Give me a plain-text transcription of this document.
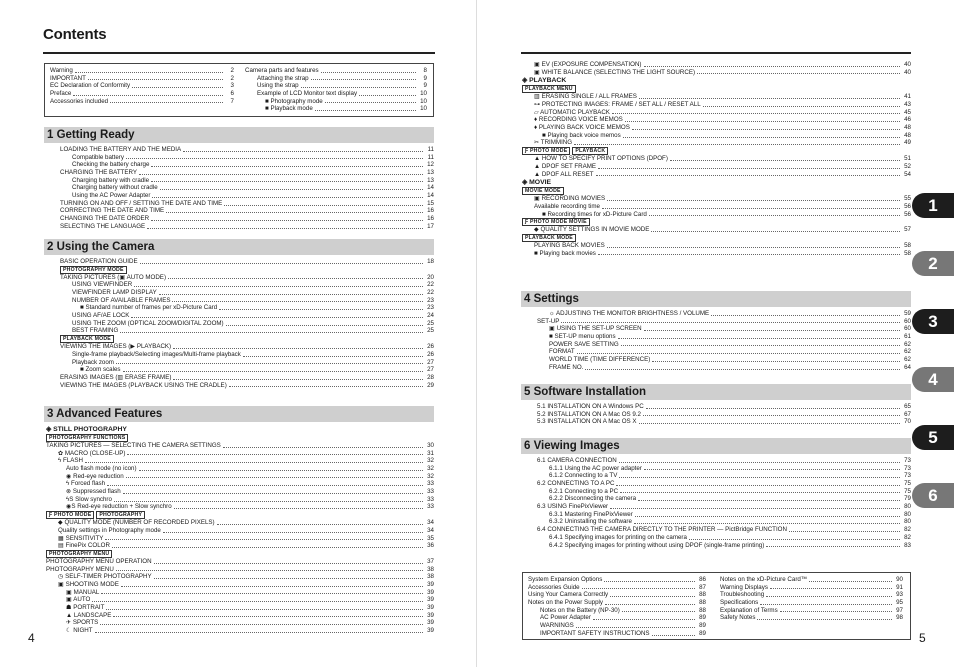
Contents
Warning	2
IMPORTANT	2
EC Declaration of Conformity	3
Preface	6
Accessories included	7
Camera parts and features	8
Attaching the strap	9
Using the strap	9
Example of LCD Monitor text display	10
■ Photography mode	10
■ Playback mode	10
1 Getting Ready
LOADING THE BATTERY AND THE MEDIA	11
Compatible battery	11
Checking the battery charge	12
CHARGING THE BATTERY	13
Charging battery with cradle	13
Charging battery without cradle	14
Using the AC Power Adapter	14
TURNING ON AND OFF / SETTING THE DATE AND TIME	15
CORRECTING THE DATE AND TIME	16
CHANGING THE DATE ORDER	16
SELECTING THE LANGUAGE	17
2 Using the Camera
BASIC OPERATION GUIDE	18
PHOTOGRAPHY MODE
TAKING PICTURES (▣ AUTO MODE)	20
USING VIEWFINDER	22
VIEWFINDER LAMP DISPLAY	22
NUMBER OF AVAILABLE FRAMES	23
■ Standard number of frames per xD-Picture Card	23
USING AF/AE LOCK	24
USING THE ZOOM (OPTICAL ZOOM/DIGITAL ZOOM)	25
BEST FRAMING	25
PLAYBACK MODE
VIEWING THE IMAGES (▶ PLAYBACK)	26
Single-frame playback/Selecting images/Multi-frame playback	26
Playback zoom	27
■ Zoom scales	27
ERASING IMAGES (▥ ERASE FRAME)	28
VIEWING THE IMAGES (PLAYBACK USING THE CRADLE)	29
3 Advanced Features
◈ STILL PHOTOGRAPHY
PHOTOGRAPHY FUNCTIONS
TAKING PICTURES — SELECTING THE CAMERA SETTINGS	30
✿ MACRO (CLOSE-UP)	31
ϟ FLASH	32
Auto flash mode (no icon)	32
◉ Red-eye reduction	32
ϟ Forced flash	33
⊗ Suppressed flash	33
ϟS Slow synchro	33
◉S Red-eye reduction + Slow synchro	33
Ƒ PHOTO MODE	PHOTOGRAPHY
◆ QUALITY MODE (NUMBER OF RECORDED PIXELS)	34
Quality settings in Photography mode	34
▦ SENSITIVITY	35
▤ FinePix COLOR	36
PHOTOGRAPHY MENU
PHOTOGRAPHY MENU OPERATION	37
PHOTOGRAPHY MENU	38
◷ SELF-TIMER PHOTOGRAPHY	38
▣ SHOOTING MODE	39
▣ MANUAL	39
▣ AUTO	39
☗ PORTRAIT	39
▲ LANDSCAPE	39
✈ SPORTS	39
☾ NIGHT	39
4
▣ EV (EXPOSURE COMPENSATION)	40
▣ WHITE BALANCE (SELECTING THE LIGHT SOURCE)	40
◈ PLAYBACK
PLAYBACK MENU
▥ ERASING SINGLE / ALL FRAMES	41
⊶ PROTECTING IMAGES: FRAME / SET ALL / RESET ALL	43
▱ AUTOMATIC PLAYBACK	45
♦ RECORDING VOICE MEMOS	46
♦ PLAYING BACK VOICE MEMOS	48
■ Playing back voice memos	48
✂ TRIMMING	49
Ƒ PHOTO MODE	PLAYBACK
▲ HOW TO SPECIFY PRINT OPTIONS (DPOF)	51
▲ DPOF SET FRAME	52
▲ DPOF ALL RESET	54
◈ MOVIE
MOVIE MODE
▣ RECORDING MOVIES	55
Available recording time	56
■ Recording times for xD-Picture Card	56
Ƒ PHOTO MODE MOVIE
◆ QUALITY SETTINGS IN MOVIE MODE	57
PLAYBACK MODE
PLAYING BACK MOVIES	58
■ Playing back movies	58
4 Settings
☼ ADJUSTING THE MONITOR BRIGHTNESS / VOLUME	59
SET-UP	60
▣ USING THE SET-UP SCREEN	60
■ SET-UP menu options	61
POWER SAVE SETTING	62
FORMAT	62
WORLD TIME (TIME DIFFERENCE)	62
FRAME NO.	64
5 Software Installation
5.1 INSTALLATION ON A Windows PC	65
5.2 INSTALLATION ON A Mac OS 9.2	67
5.3 INSTALLATION ON A Mac OS X	70
6 Viewing Images
6.1 CAMERA CONNECTION	73
6.1.1 Using the AC power adapter	73
6.1.2 Connecting to a TV	73
6.2 CONNECTING TO A PC	75
6.2.1 Connecting to a PC	75
6.2.2 Disconnecting the camera	79
6.3 USING FinePixViewer	80
6.3.1 Mastering FinePixViewer	80
6.3.2 Uninstalling the software	80
6.4 CONNECTING THE CAMERA DIRECTLY TO THE PRINTER — PictBridge FUNCTION	82
6.4.1 Specifying images for printing on the camera	82
6.4.2 Specifying images for printing without using DPOF (single-frame printing)	83
System Expansion Options	86
Accessories Guide	87
Using Your Camera Correctly	88
Notes on the Power Supply	88
Notes on the Battery (NP-30)	88
AC Power Adapter	89
WARNINGS	89
IMPORTANT SAFETY INSTRUCTIONS	89
Notes on the xD-Picture Card™	90
Warning Displays	91
Troubleshooting	93
Specifications	95
Explanation of Terms	97
Safety Notes	98
5
1
2
3
4
5
6
